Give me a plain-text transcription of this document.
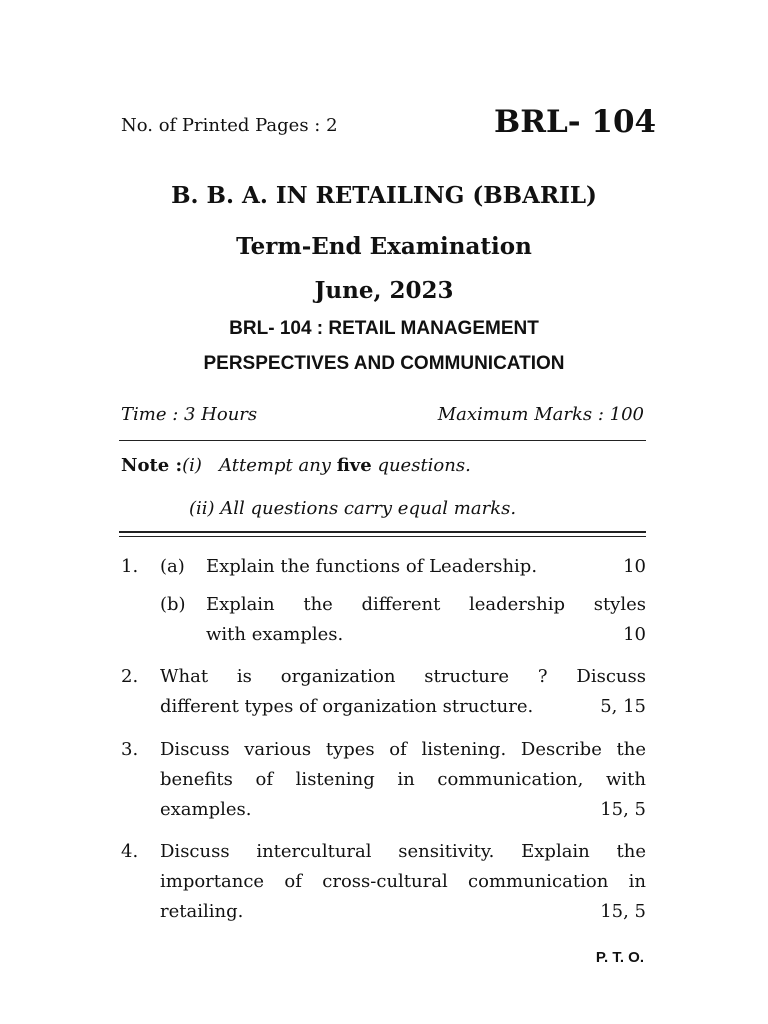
No. of Printed Pages : 2	BRL- 104
B. B. A. IN RETAILING (BBARIL)
Term-End Examination
June, 2023
BRL- 104 : RETAIL MANAGEMENT
PERSPECTIVES AND COMMUNICATION
Time : 3 Hours	Maximum Marks : 100
Note :(i) Attempt any five questions.
(ii) All questions carry equal marks.
1. (a) Explain the functions of Leadership.	10
(b) Explain the different leadership styles
with examples.	10
2. What is organization structure ? Discuss
different types of organization structure.	5, 15
3. Discuss various types of listening. Describe the
benefits of listening in communication, with
examples.	15, 5
4. Discuss intercultural sensitivity. Explain the
importance of cross-cultural communication in
retailing.	15, 5
P. T. O.
